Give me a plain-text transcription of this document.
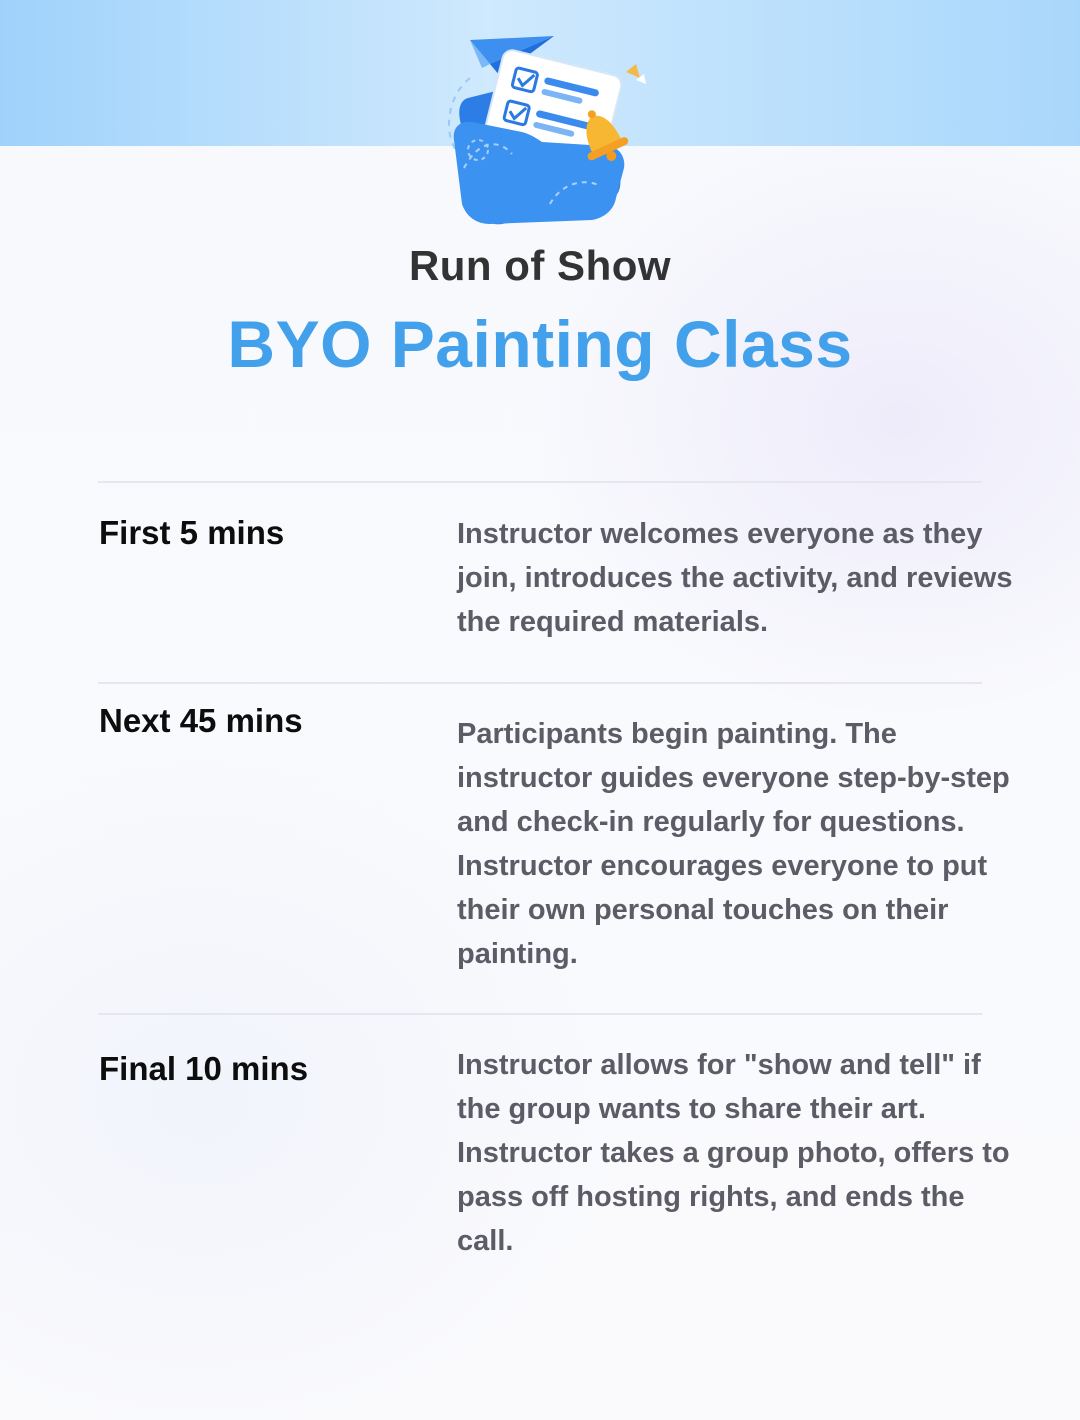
Run of Show
BYO Painting Class
First 5 mins	Instructor welcomes everyone as they join, introduces the activity, and reviews the required materials.
Next 45 mins	Participants begin painting. The instructor guides everyone step-by-step and check-in regularly for questions. Instructor encourages everyone to put their own personal touches on their painting.
Final 10 mins	Instructor allows for "show and tell" if the group wants to share their art. Instructor takes a group photo, offers to pass off hosting rights, and ends the call.
